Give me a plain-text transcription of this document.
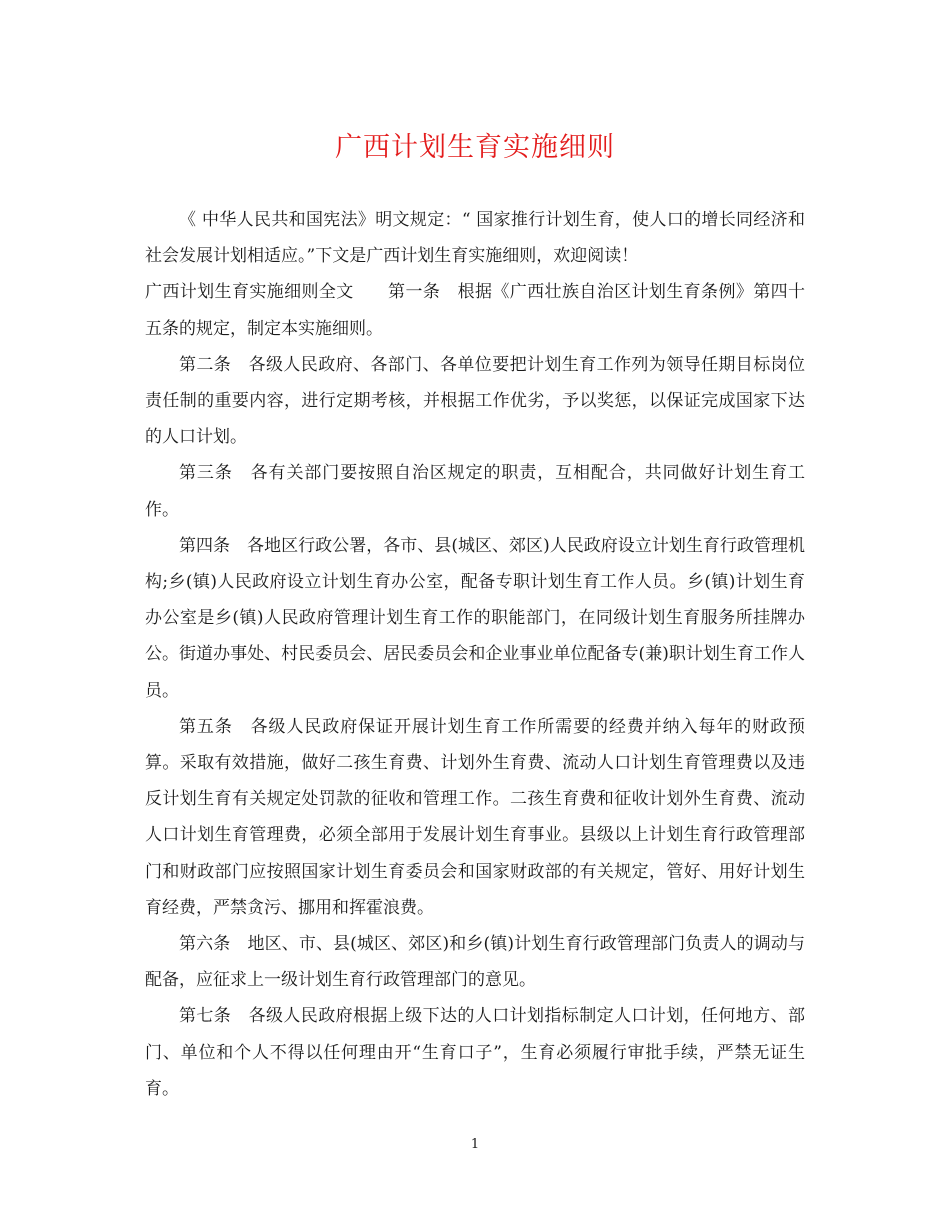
广西计划生育实施细则

《 中华人民共和国宪法》明文规定：“ 国家推行计划生育，使人口的增长同经济和社会发展计划相适应。”下文是广西计划生育实施细则，欢迎阅读！

广西计划生育实施细则全文 第一条　根据《广西壮族自治区计划生育条例》第四十五条的规定，制定本实施细则。

第二条　各级人民政府、各部门、各单位要把计划生育工作列为领导任期目标岗位责任制的重要内容，进行定期考核，并根据工作优劣，予以奖惩，以保证完成国家下达的人口计划。

第三条　各有关部门要按照自治区规定的职责，互相配合，共同做好计划生育工作。

第四条　各地区行政公署，各市、县(城区、郊区)人民政府设立计划生育行政管理机构;乡(镇)人民政府设立计划生育办公室，配备专职计划生育工作人员。乡(镇)计划生育办公室是乡(镇)人民政府管理计划生育工作的职能部门，在同级计划生育服务所挂牌办公。街道办事处、村民委员会、居民委员会和企业事业单位配备专(兼)职计划生育工作人员。

第五条　各级人民政府保证开展计划生育工作所需要的经费并纳入每年的财政预算。采取有效措施，做好二孩生育费、计划外生育费、流动人口计划生育管理费以及违反计划生育有关规定处罚款的征收和管理工作。二孩生育费和征收计划外生育费、流动人口计划生育管理费，必须全部用于发展计划生育事业。县级以上计划生育行政管理部门和财政部门应按照国家计划生育委员会和国家财政部的有关规定，管好、用好计划生育经费，严禁贪污、挪用和挥霍浪费。

第六条　地区、市、县(城区、郊区)和乡(镇)计划生育行政管理部门负责人的调动与配备，应征求上一级计划生育行政管理部门的意见。

第七条　各级人民政府根据上级下达的人口计划指标制定人口计划，任何地方、部门、单位和个人不得以任何理由开“生育口子”，生育必须履行审批手续，严禁无证生育。

1
